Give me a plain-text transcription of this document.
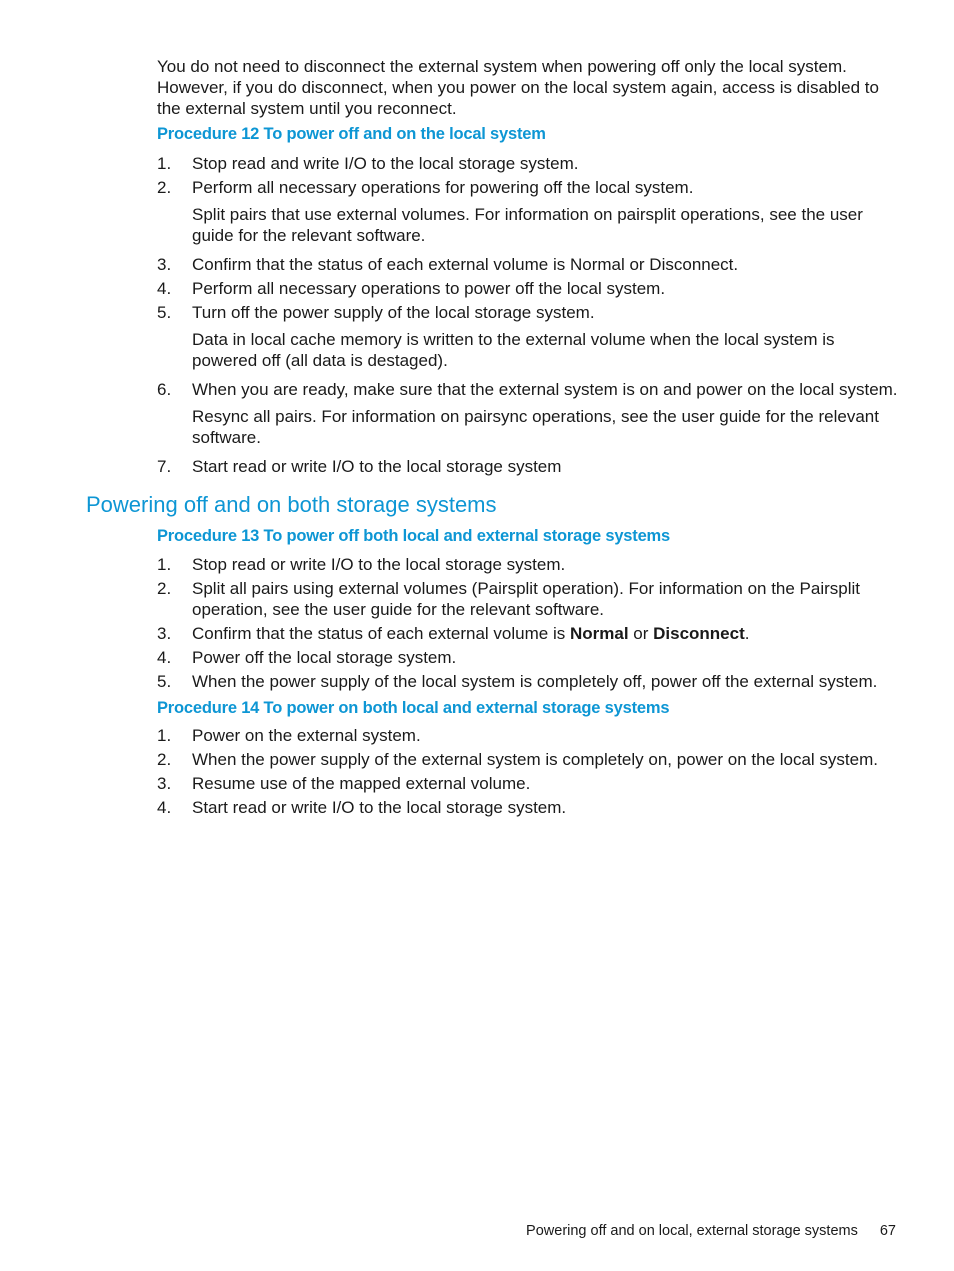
You do not need to disconnect the external system when powering off only the local system. However, if you do disconnect, when you power on the local system again, access is disabled to the external system until you reconnect.

Procedure 12 To power off and on the local system
1.	Stop read and write I/O to the local storage system.
2.	Perform all necessary operations for powering off the local system.

Split pairs that use external volumes. For information on pairsplit operations, see the user guide for the relevant software.

3.	Confirm that the status of each external volume is Normal or Disconnect.
4.	Perform all necessary operations to power off the local system.
5.	Turn off the power supply of the local storage system.

Data in local cache memory is written to the external volume when the local system is powered off (all data is destaged).

6.	When you are ready, make sure that the external system is on and power on the local system.

Resync all pairs. For information on pairsync operations, see the user guide for the relevant software.

7.	Start read or write I/O to the local storage system
Powering off and on both storage systems
Procedure 13 To power off both local and external storage systems
1.	Stop read or write I/O to the local storage system.
2.	Split all pairs using external volumes (Pairsplit operation). For information on the Pairsplit operation, see the user guide for the relevant software.
3.	Confirm that the status of each external volume is Normal or Disconnect.
4.	Power off the local storage system.
5.	When the power supply of the local system is completely off, power off the external system.
Procedure 14 To power on both local and external storage systems
1.	Power on the external system.
2.	When the power supply of the external system is completely on, power on the local system.
3.	Resume use of the mapped external volume.
4.	Start read or write I/O to the local storage system.
Powering off and on local, external storage systems 67
